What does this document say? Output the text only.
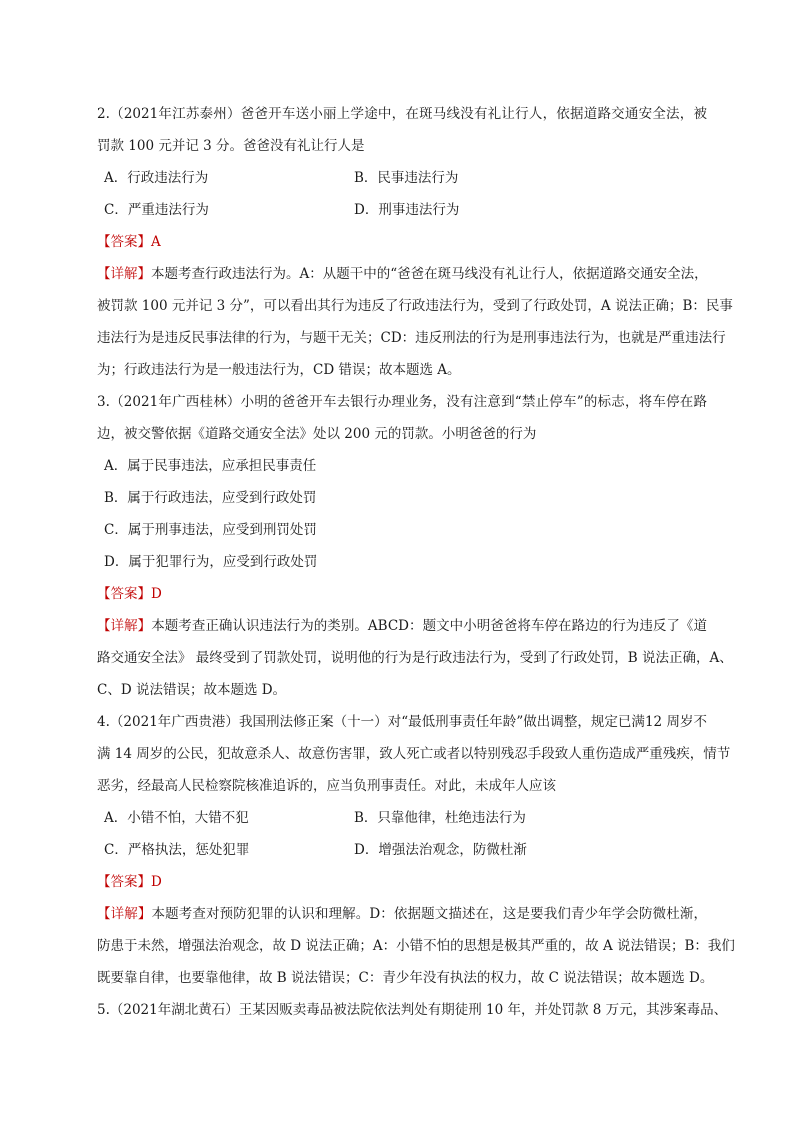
2.（2021年江苏泰州）爸爸开车送小丽上学途中，在斑马线没有礼让行人，依据道路交通安全法，被
罚款 100 元并记 3 分。爸爸没有礼让行人是
A．行政违法行为	B．民事违法行为
C．严重违法行为	D．刑事违法行为
【答案】A
【详解】本题考查行政违法行为。A：从题干中的“爸爸在斑马线没有礼让行人，依据道路交通安全法，
被罚款 100 元并记 3 分”，可以看出其行为违反了行政违法行为，受到了行政处罚，A 说法正确；B：民事
违法行为是违反民事法律的行为，与题干无关；CD：违反刑法的行为是刑事违法行为，也就是严重违法行
为；行政违法行为是一般违法行为，CD 错误；故本题选 A。
3.（2021年广西桂林）小明的爸爸开车去银行办理业务，没有注意到“禁止停车”的标志，将车停在路
边，被交警依据《道路交通安全法》处以 200 元的罚款。小明爸爸的行为
A．属于民事违法，应承担民事责任
B．属于行政违法，应受到行政处罚
C．属于刑事违法，应受到刑罚处罚
D．属于犯罪行为，应受到行政处罚
【答案】D
【详解】本题考查正确认识违法行为的类别。ABCD：题文中小明爸爸将车停在路边的行为违反了《道
路交通安全法》 最终受到了罚款处罚，说明他的行为是行政违法行为，受到了行政处罚，B 说法正确，A、
C、D 说法错误；故本题选 D。
4.（2021年广西贵港）我国刑法修正案（十一）对“最低刑事责任年龄”做出调整，规定已满12 周岁不
满 14 周岁的公民，犯故意杀人、故意伤害罪，致人死亡或者以特别残忍手段致人重伤造成严重残疾，情节
恶劣，经最高人民检察院核准追诉的，应当负刑事责任。对此，未成年人应该
A．小错不怕，大错不犯	B．只靠他律，杜绝违法行为
C．严格执法，惩处犯罪	D．增强法治观念，防微杜渐
【答案】D
【详解】本题考查对预防犯罪的认识和理解。D：依据题文描述在，这是要我们青少年学会防微杜渐，
防患于未然，增强法治观念，故 D 说法正确；A：小错不怕的思想是极其严重的，故 A 说法错误；B：我们
既要靠自律，也要靠他律，故 B 说法错误；C：青少年没有执法的权力，故 C 说法错误；故本题选 D。
5.（2021年湖北黄石）王某因贩卖毒品被法院依法判处有期徒刑 10 年，并处罚款 8 万元，其涉案毒品、
